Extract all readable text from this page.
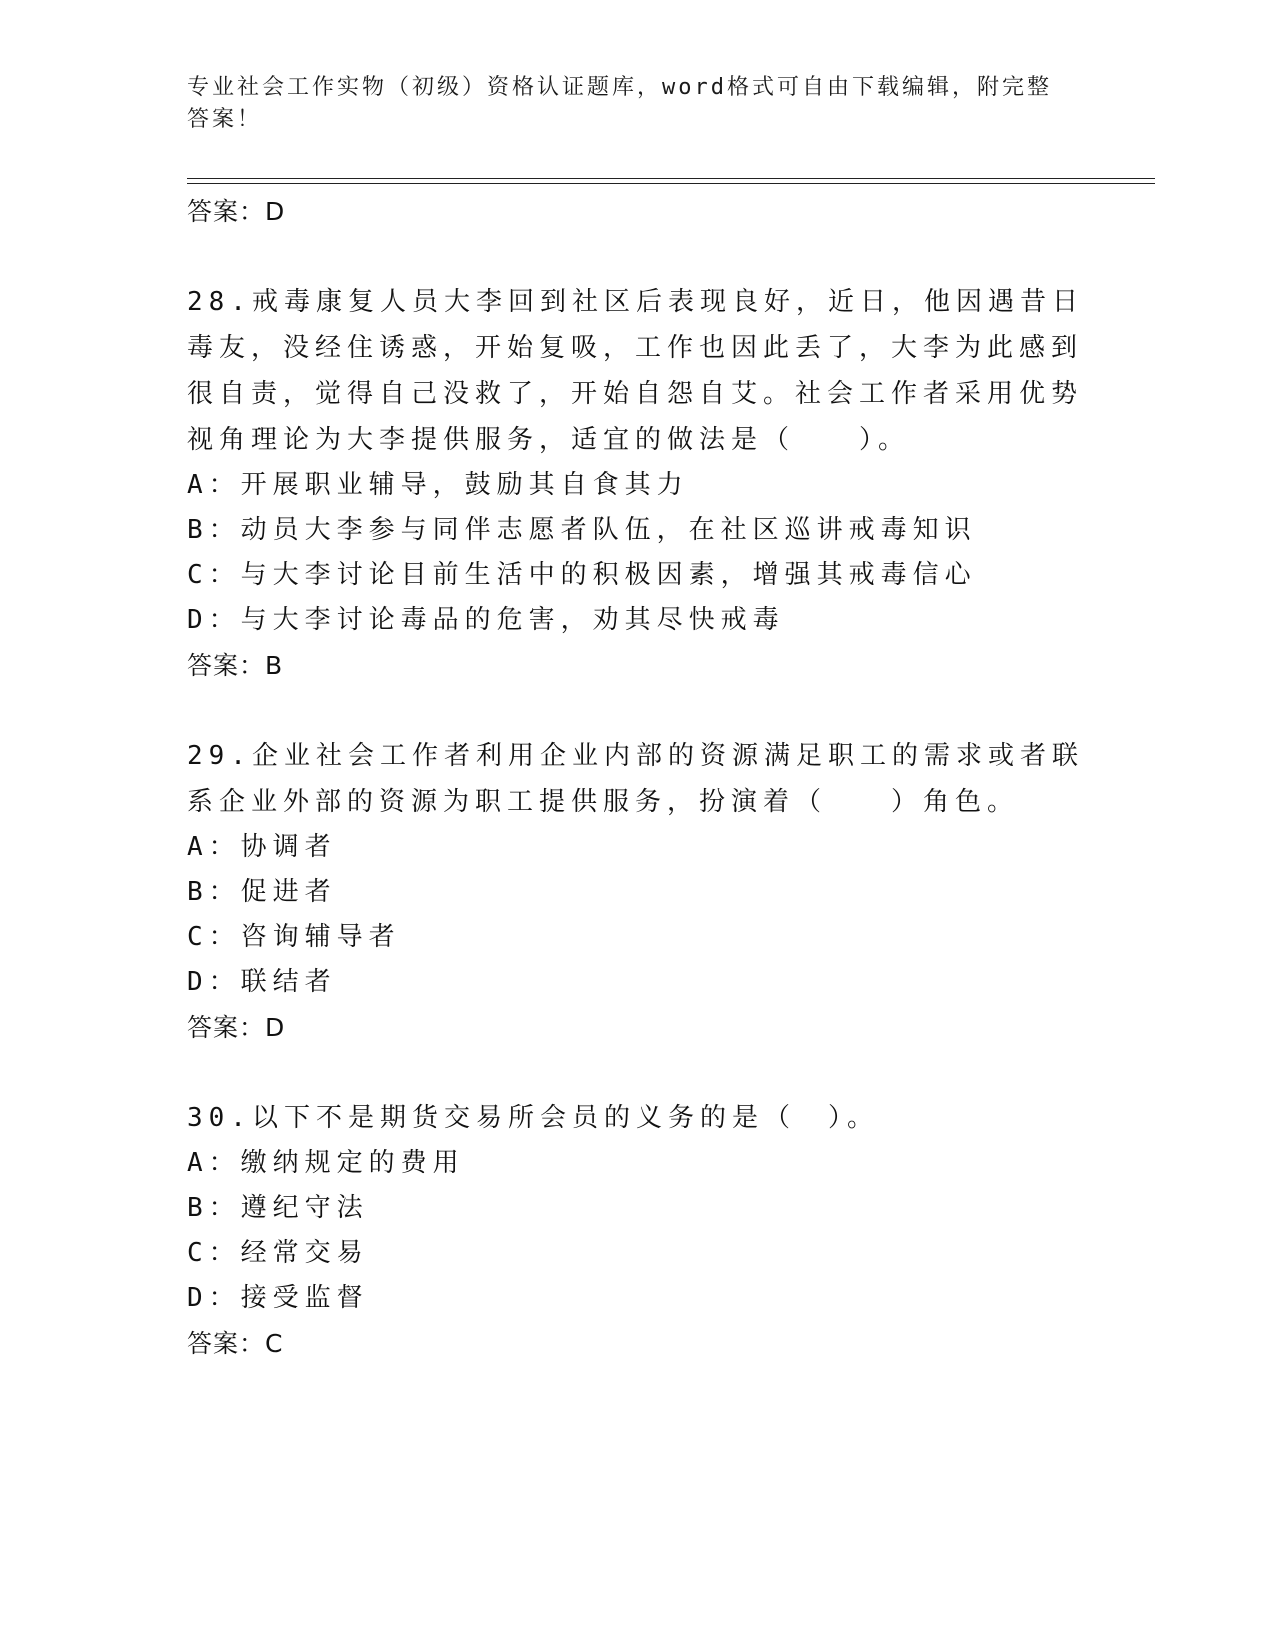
专业社会工作实物（初级）资格认证题库，word格式可自由下载编辑，附完整答案！

答案：D

28.戒毒康复人员大李回到社区后表现良好，近日，他因遇昔日毒友，没经住诱惑，开始复吸，工作也因此丢了，大李为此感到很自责，觉得自己没救了，开始自怨自艾。社会工作者采用优势视角理论为大李提供服务，适宜的做法是（　　）。

A：开展职业辅导，鼓励其自食其力

B：动员大李参与同伴志愿者队伍，在社区巡讲戒毒知识

C：与大李讨论目前生活中的积极因素，增强其戒毒信心

D：与大李讨论毒品的危害，劝其尽快戒毒

答案：B

29.企业社会工作者利用企业内部的资源满足职工的需求或者联系企业外部的资源为职工提供服务，扮演着（　　）角色。

A：协调者

B：促进者

C：咨询辅导者

D：联结者

答案：D

30.以下不是期货交易所会员的义务的是（　）。

A：缴纳规定的费用

B：遵纪守法

C：经常交易

D：接受监督

答案：C
